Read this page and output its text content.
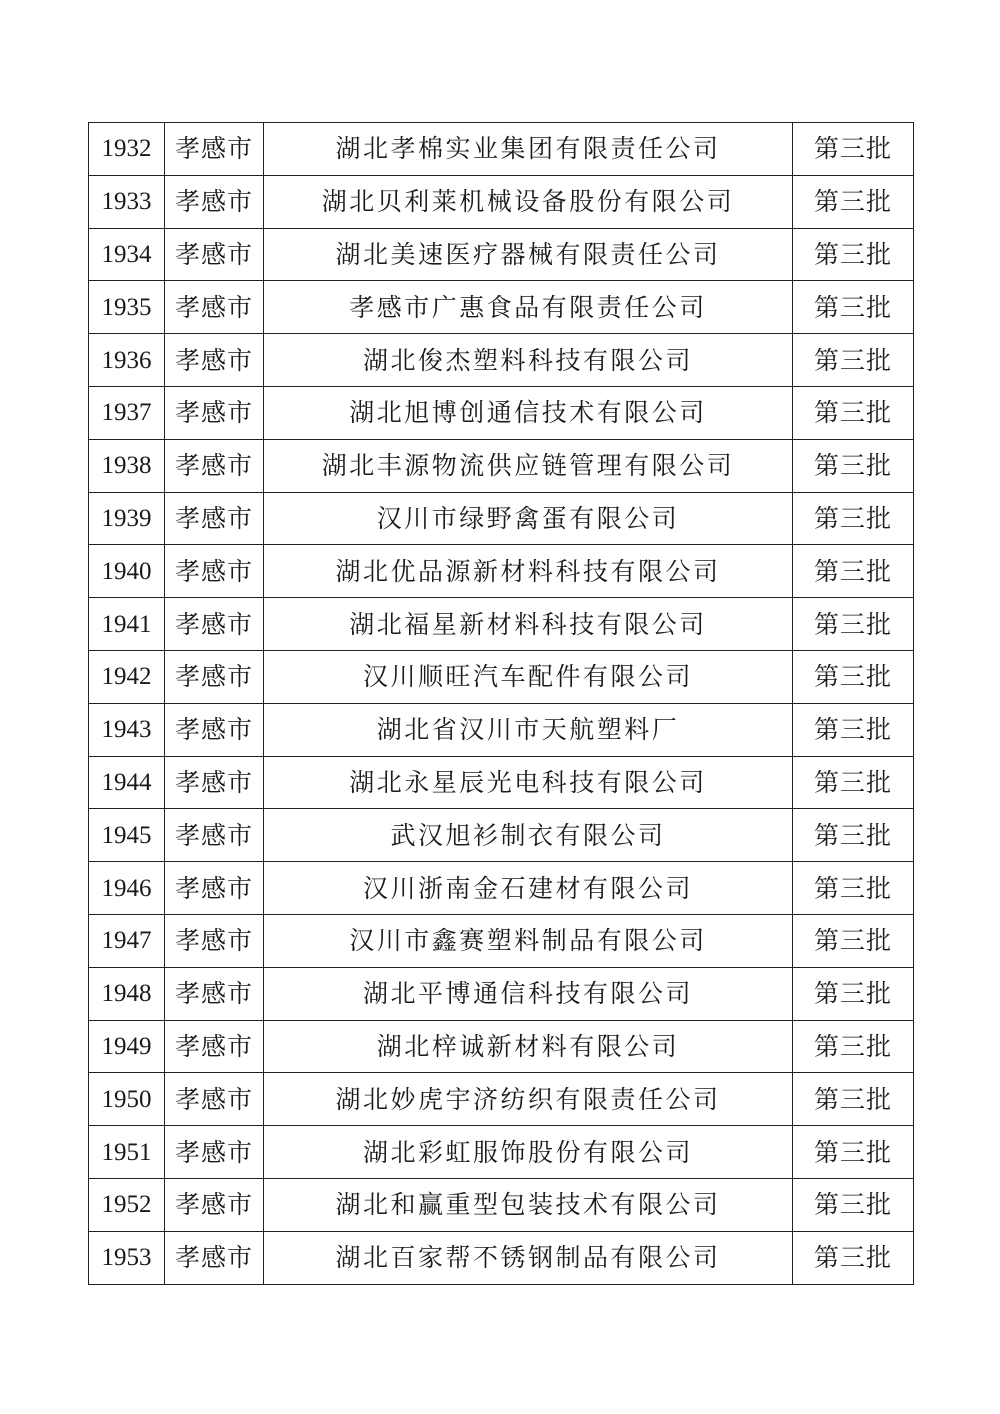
1932	孝感市	湖北孝棉实业集团有限责任公司	第三批
1933	孝感市	湖北贝利莱机械设备股份有限公司	第三批
1934	孝感市	湖北美速医疗器械有限责任公司	第三批
1935	孝感市	孝感市广惠食品有限责任公司	第三批
1936	孝感市	湖北俊杰塑料科技有限公司	第三批
1937	孝感市	湖北旭博创通信技术有限公司	第三批
1938	孝感市	湖北丰源物流供应链管理有限公司	第三批
1939	孝感市	汉川市绿野禽蛋有限公司	第三批
1940	孝感市	湖北优品源新材料科技有限公司	第三批
1941	孝感市	湖北福星新材料科技有限公司	第三批
1942	孝感市	汉川顺旺汽车配件有限公司	第三批
1943	孝感市	湖北省汉川市天航塑料厂	第三批
1944	孝感市	湖北永星辰光电科技有限公司	第三批
1945	孝感市	武汉旭衫制衣有限公司	第三批
1946	孝感市	汉川浙南金石建材有限公司	第三批
1947	孝感市	汉川市鑫赛塑料制品有限公司	第三批
1948	孝感市	湖北平博通信科技有限公司	第三批
1949	孝感市	湖北梓诚新材料有限公司	第三批
1950	孝感市	湖北妙虎宇济纺织有限责任公司	第三批
1951	孝感市	湖北彩虹服饰股份有限公司	第三批
1952	孝感市	湖北和赢重型包装技术有限公司	第三批
1953	孝感市	湖北百家帮不锈钢制品有限公司	第三批
